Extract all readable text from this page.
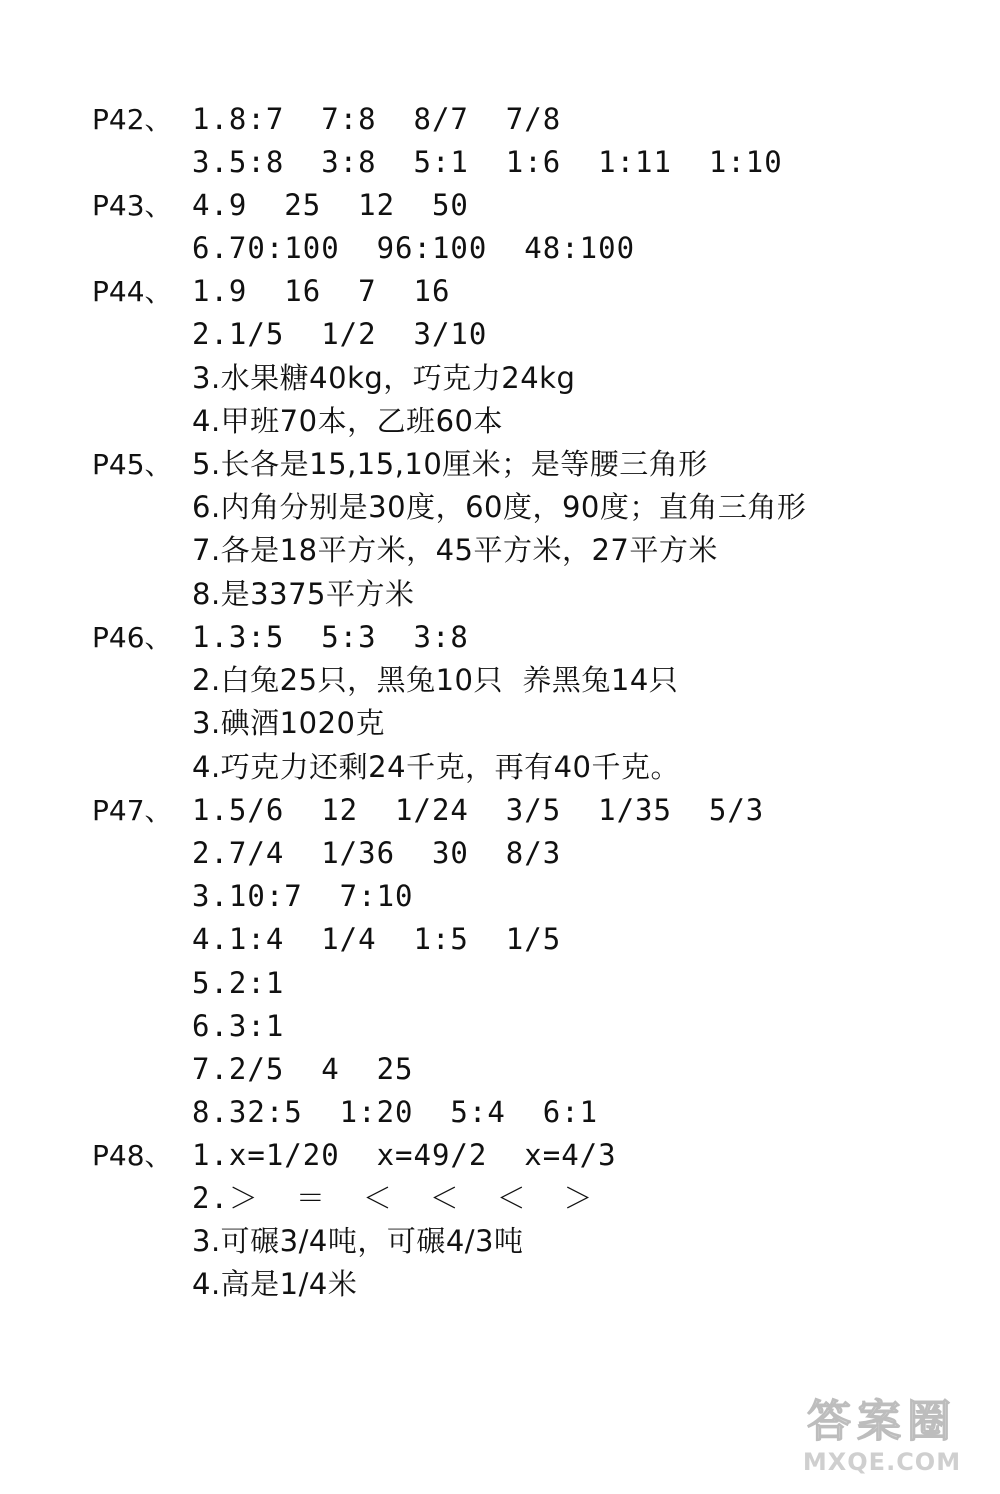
P42、

1.8:7  7:8  8/7  7/8

3.5:8  3:8  5:1  1:6  1:11  1:10

P43、

4.9  25  12  50

6.70:100  96:100  48:100

P44、

1.9  16  7  16

2.1/5  1/2  3/10

3.水果糖40kg，巧克力24kg

4.甲班70本，乙班60本

P45、

5.长各是15,15,10厘米；是等腰三角形

6.内角分别是30度，60度，90度；直角三角形

7.各是18平方米，45平方米，27平方米

8.是3375平方米

P46、

1.3:5  5:3  3:8

2.白兔25只，黑兔10只  养黑兔14只

3.碘酒1020克

4.巧克力还剩24千克，再有40千克。

P47、

1.5/6  12  1/24  3/5  1/35  5/3

2.7/4  1/36  30  8/3

3.10:7  7:10

4.1:4  1/4  1:5  1/5

5.2:1

6.3:1

7.2/5  4  25

8.32:5  1:20  5:4  6:1

P48、

1.x=1/20  x=49/2  x=4/3

2.＞  ＝  ＜  ＜  ＜  ＞

3.可碾3/4吨，可碾4/3吨

4.高是1/4米

答案圈
MXQE.COM
